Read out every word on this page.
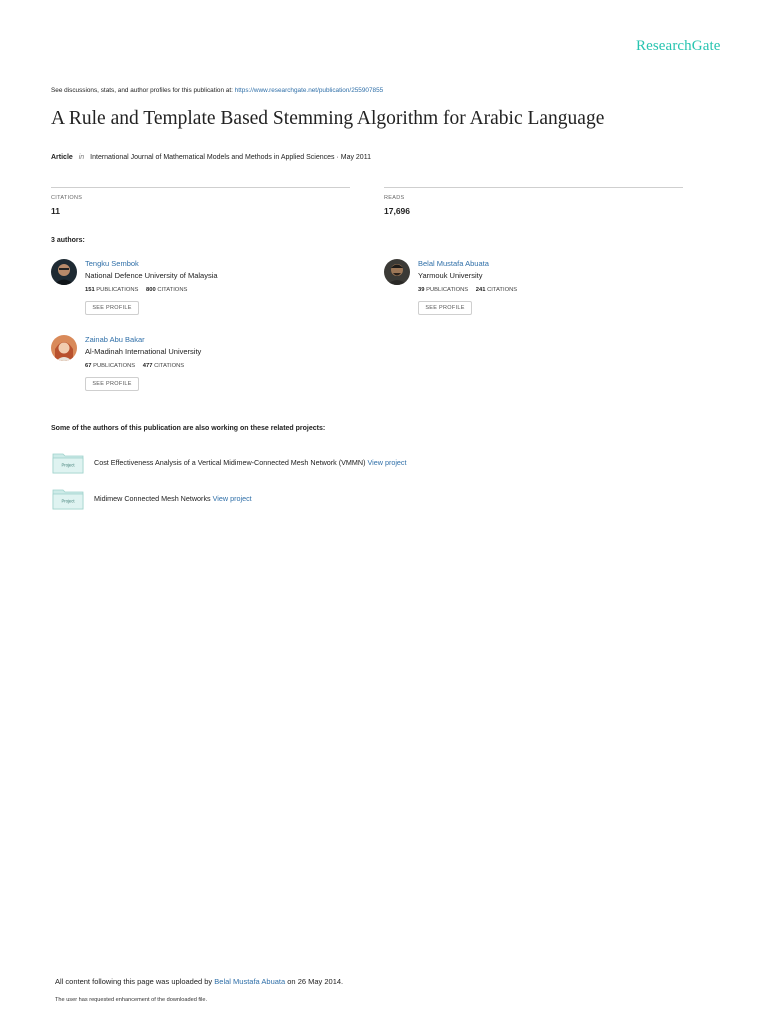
ResearchGate
See discussions, stats, and author profiles for this publication at: https://www.researchgate.net/publication/255907855
A Rule and Template Based Stemming Algorithm for Arabic Language
Article in International Journal of Mathematical Models and Methods in Applied Sciences · May 2011
CITATIONS
11
READS
17,696
3 authors:
Tengku Sembok
National Defence University of Malaysia
151 PUBLICATIONS 800 CITATIONS
SEE PROFILE
Belal Mustafa Abuata
Yarmouk University
39 PUBLICATIONS 241 CITATIONS
SEE PROFILE
Zainab Abu Bakar
Al-Madinah International University
67 PUBLICATIONS 477 CITATIONS
SEE PROFILE
Some of the authors of this publication are also working on these related projects:
Project	Cost Effectiveness Analysis of a Vertical Midimew-Connected Mesh Network (VMMN) View project
Project	Midimew Connected Mesh Networks View project
All content following this page was uploaded by Belal Mustafa Abuata on 26 May 2014.
The user has requested enhancement of the downloaded file.
